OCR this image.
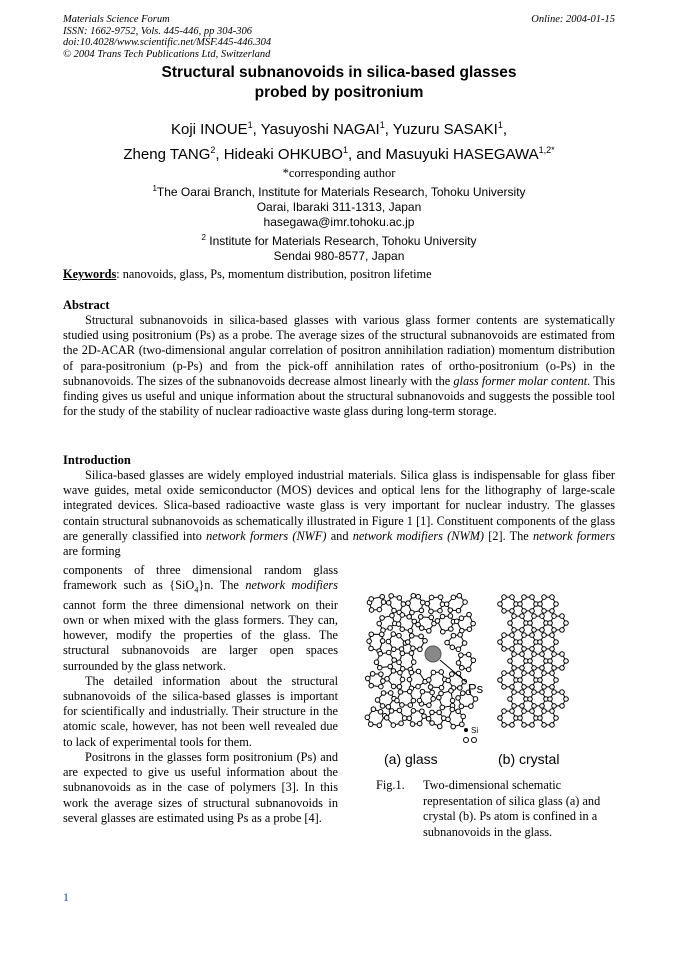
Materials Science Forum
ISSN: 1662-9752, Vols. 445-446, pp 304-306
doi:10.4028/www.scientific.net/MSF.445-446.304
© 2004 Trans Tech Publications Ltd, Switzerland
Online: 2004-01-15
Structural subnanovoids in silica-based glasses
probed by positronium
Koji INOUE$^1$, Yasuyoshi NAGAI$^1$, Yuzuru SASAKI$^1$,
Zheng TANG$^2$, Hideaki OHKUBO$^1$, and Masuyuki $HASEGAWA^{1,2*}$
*corresponding author
$^1$The Oarai Branch, Institute for Materials Research, Tohoku University
Oarai, Ibaraki 311-1313, Japan
hasegawa@imr.tohoku.ac.jp
$^2$ Institute for Materials Research, Tohoku University
Sendai 980-8577, Japan
Keywords: nanovoids, glass, Ps, momentum distribution, positron lifetime
Abstract

Structural subnanovoids in silica-based glasses with various glass former contents are systematically studied using positronium (Ps) as a probe. The average sizes of the structural subnanovoids are estimated from the 2D-ACAR (two-dimensional angular correlation of positron annihilation radiation) momentum distribution of para-positronium (p-Ps) and from the pick-off annihilation rates of ortho-positronium (o-Ps) in the subnanovoids. The sizes of the subnanovoids decrease almost linearly with the glass former molar content. This finding gives us useful and unique information about the structural subnanovoids and suggests the possible tool for the study of the stability of nuclear radioactive waste glass during long-term storage.

Introduction

Silica-based glasses are widely employed industrial materials. Silica glass is indispensable for glass fiber wave guides, metal oxide semiconductor (MOS) devices and optical lens for the lithography of large-scale integrated devices. Slica-based radioactive waste glass is very important for nuclear industry. The glasses contain structural subnanovoids as schematically illustrated in Figure 1 [1]. Constituent components of the glass are generally classified into network formers (NWF) and network modifiers (NWM) [2]. The network formers are forming

components of three dimensional random glass framework such as {SiO$_4$}n. The network modifiers cannot form the three dimensional network on their own or when mixed with the glass formers. They can, however, modify the properties of the glass. The structural subnanovoids are larger open spaces surrounded by the glass network.

The detailed information about the structural subnanovoids of the silica-based glasses is important for scientifically and industrially. Their structure in the atomic scale, however, has not been well revealed due to lack of experimental tools for them.

Positrons in the glasses form positronium (Ps) and are expected to give us useful information about the subnanovoids as in the case of polymers [3]. In this work the average sizes of structural subnanovoids in several glasses are estimated using Ps as a probe [4].

Ps
Si
(a) glass	(b) crystal
Fig.1. Two-dimensional schematic representation of silica glass (a) and crystal (b). Ps atom is confined in a subnanovoids in the glass.
1
